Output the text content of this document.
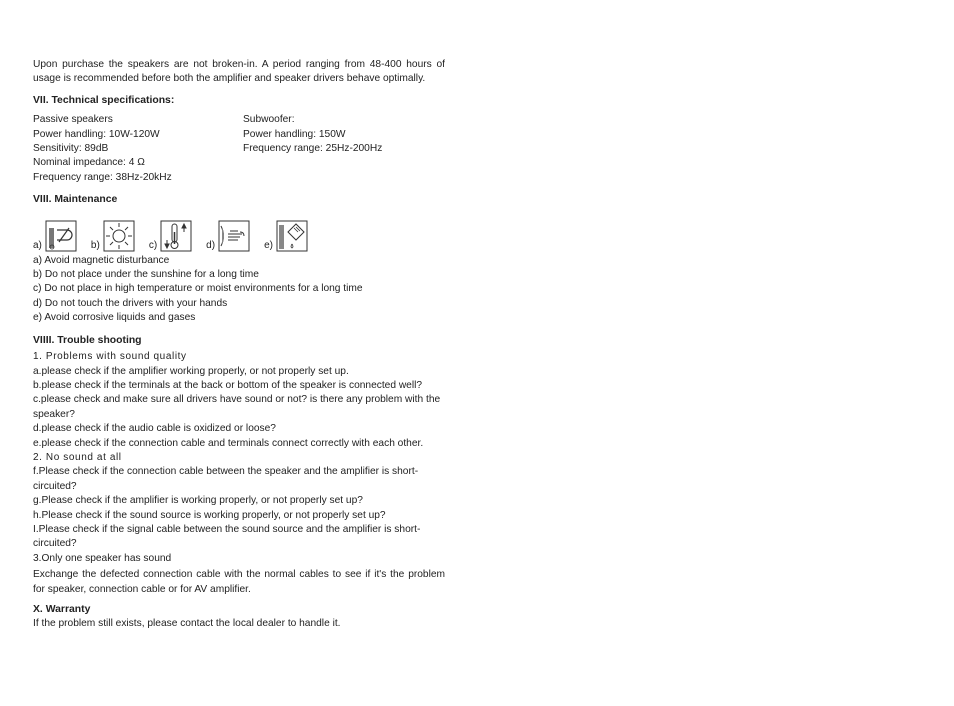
Upon purchase the speakers are not broken-in. A period ranging from 48-400 hours of usage is recommended before both the amplifier and speaker drivers behave optimally.

VII. Technical specifications:

Passive speakers

Power handling: 10W-120W

Sensitivity: 89dB

Nominal impedance: 4 Ω

Frequency range: 38Hz-20kHz

Subwoofer:

Power handling: 150W

Frequency range: 25Hz-200Hz

VIII. Maintenance

a)	b)	c)	d)	e)

a) Avoid magnetic disturbance

b) Do not place under the sunshine for a long time

c) Do not place in high temperature or moist environments for a long time

d) Do not touch the drivers with your hands

e) Avoid corrosive liquids and gases

VIIII. Trouble shooting

1. Problems with sound quality

a.please check if the amplifier working properly, or not properly set up.

b.please check if the terminals at the back or bottom of the speaker is connected well?

c.please check and make sure all drivers have sound or not? is there any problem with the speaker?

d.please check if the audio cable is oxidized or loose?

e.please check if the connection cable and terminals connect correctly with each other.

2. No sound at all

f.Please check if the connection cable between the speaker and the amplifier is short-circuited?

g.Please check if the amplifier is working properly, or not properly set up?

h.Please check if the sound source is working properly, or not properly set up?

I.Please check if the signal cable between the sound source and the amplifier is short-circuited?

3.Only one speaker has sound

Exchange the defected connection cable with the normal cables to see if it's the problem for speaker, connection cable or for AV amplifier.

X. Warranty

If the problem still exists, please contact the local dealer to handle it.
